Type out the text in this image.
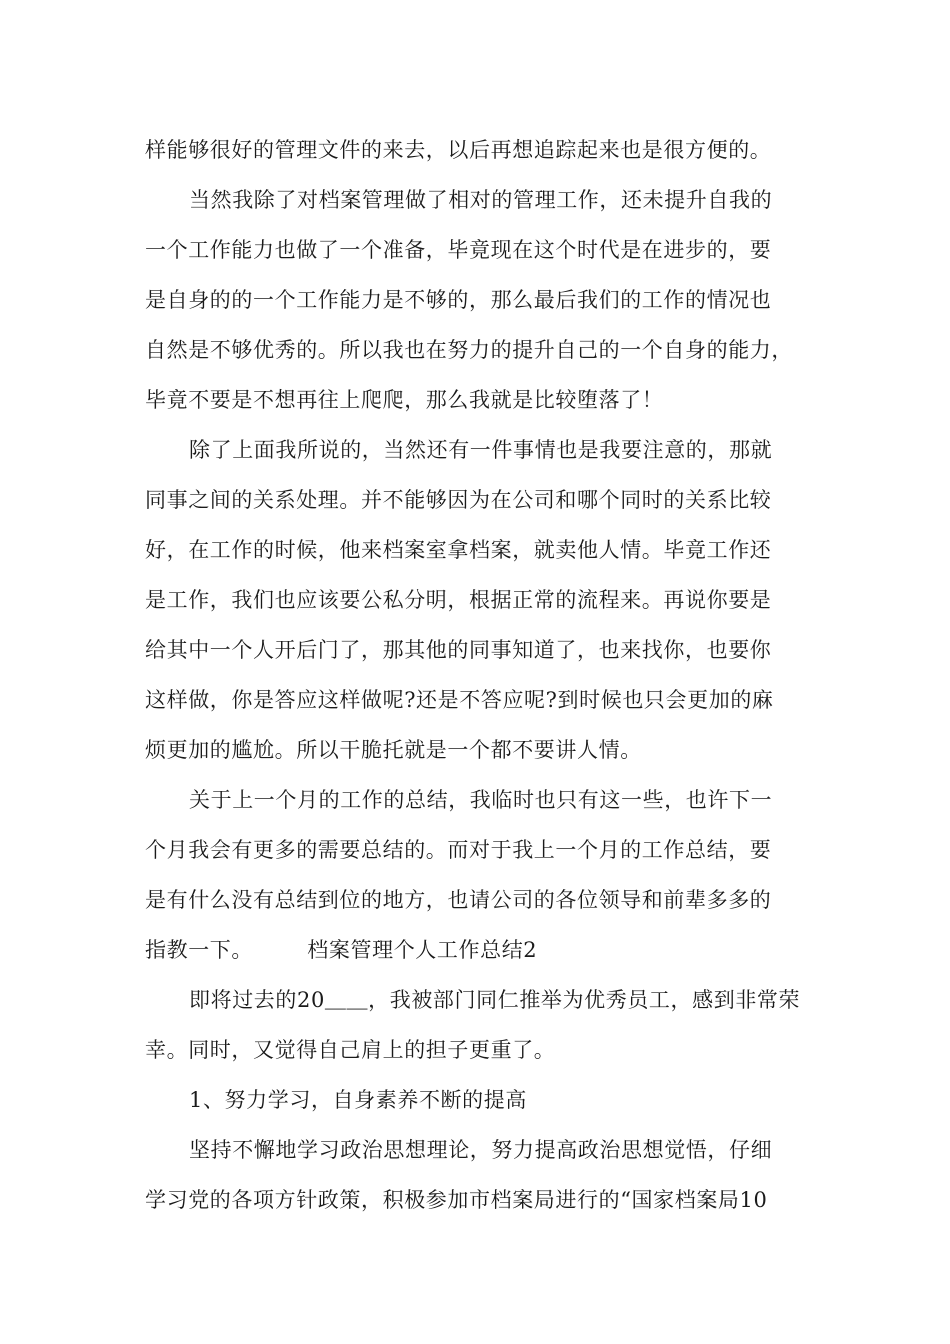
样能够很好的管理文件的来去，以后再想追踪起来也是很方便的。
当然我除了对档案管理做了相对的管理工作，还未提升自我的
一个工作能力也做了一个准备，毕竟现在这个时代是在进步的，要
是自身的的一个工作能力是不够的，那么最后我们的工作的情况也
自然是不够优秀的。所以我也在努力的提升自己的一个自身的能力，
毕竟不要是不想再往上爬爬，那么我就是比较堕落了！
除了上面我所说的，当然还有一件事情也是我要注意的，那就
同事之间的关系处理。并不能够因为在公司和哪个同时的关系比较
好，在工作的时候，他来档案室拿档案，就卖他人情。毕竟工作还
是工作，我们也应该要公私分明，根据正常的流程来。再说你要是
给其中一个人开后门了，那其他的同事知道了，也来找你，也要你
这样做，你是答应这样做呢?还是不答应呢?到时候也只会更加的麻
烦更加的尴尬。所以干脆托就是一个都不要讲人情。
关于上一个月的工作的总结，我临时也只有这一些，也许下一
个月我会有更多的需要总结的。而对于我上一个月的工作总结，要
是有什么没有总结到位的地方，也请公司的各位领导和前辈多多的
指教一下。　　　档案管理个人工作总结2
即将过去的20＿＿，我被部门同仁推举为优秀员工，感到非常荣
幸。同时，又觉得自己肩上的担子更重了。
1、努力学习，自身素养不断的提高
坚持不懈地学习政治思想理论，努力提高政治思想觉悟，仔细
学习党的各项方针政策，积极参加市档案局进行的“国家档案局10
